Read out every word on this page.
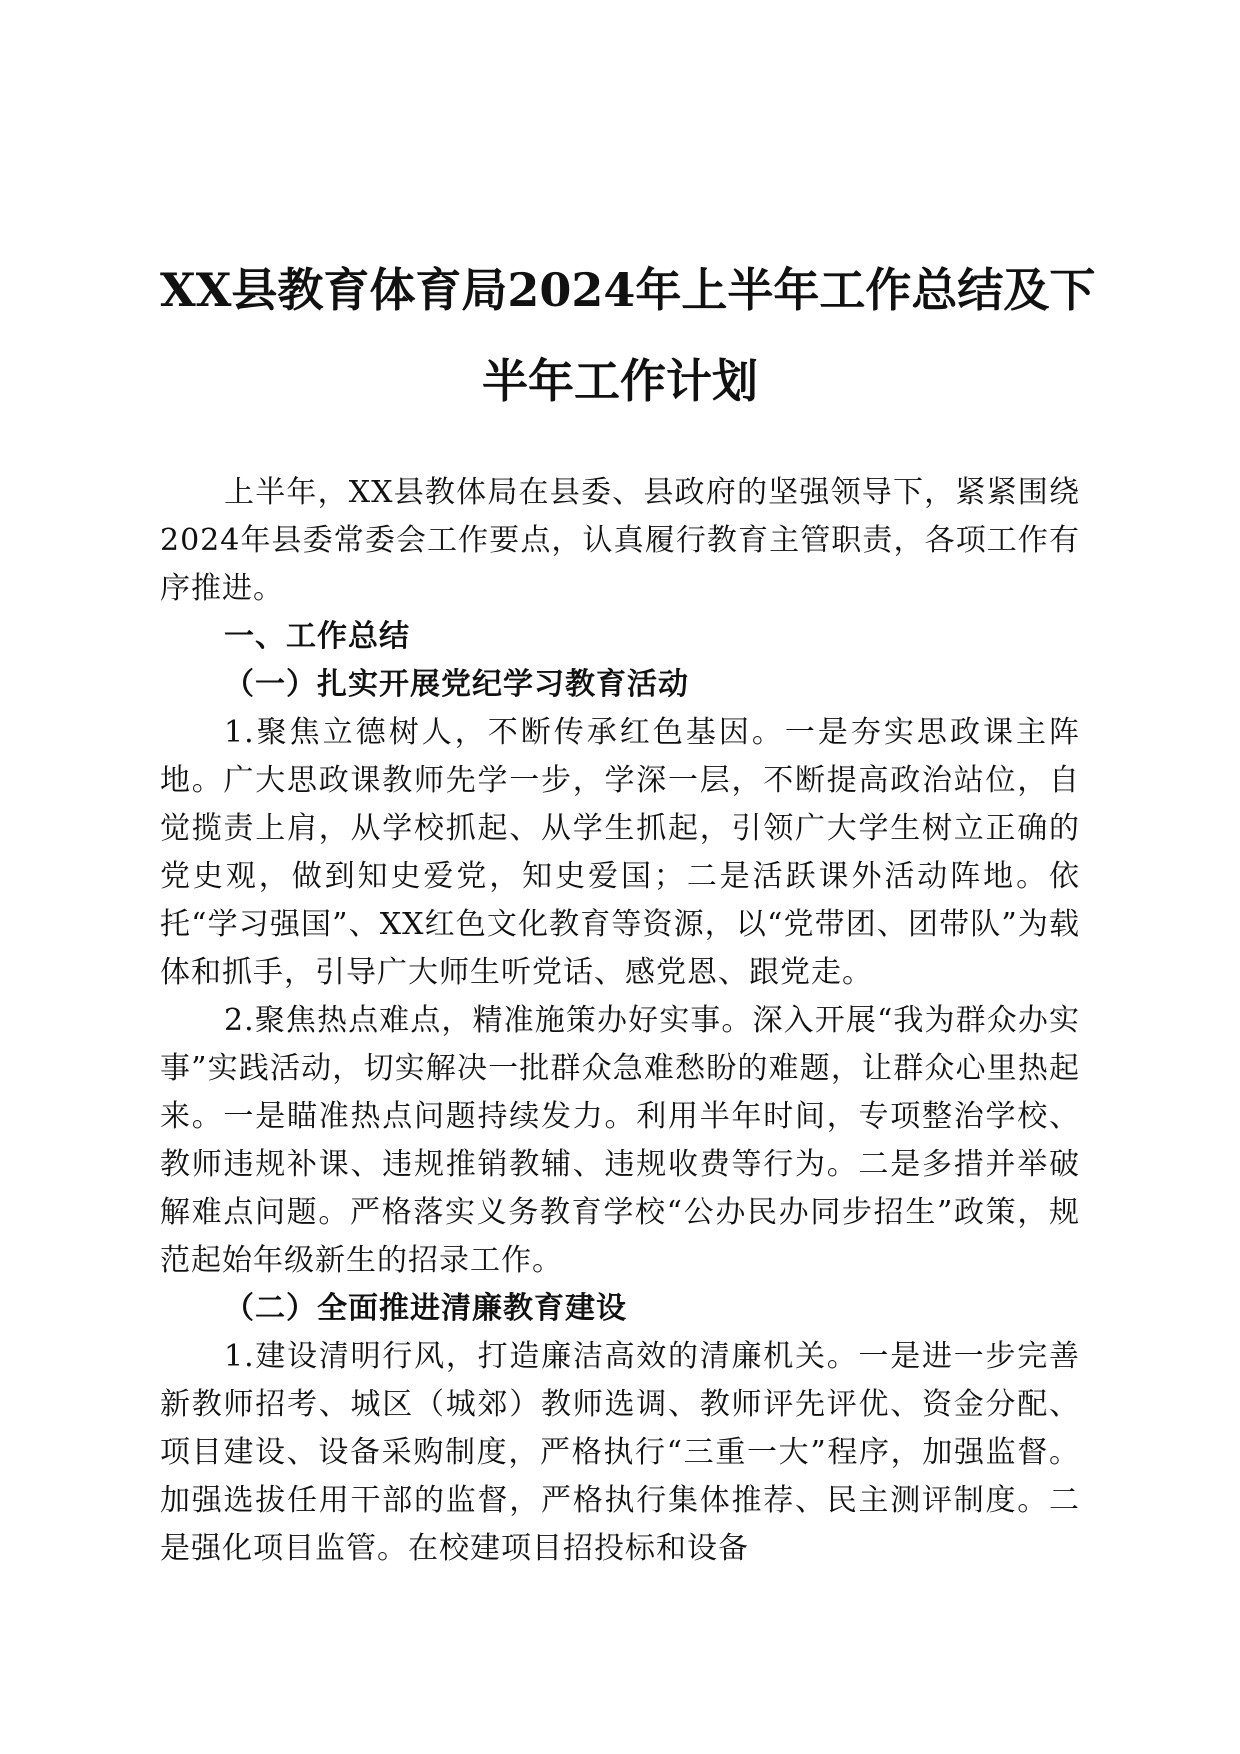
XX县教育体育局2024年上半年工作总结及下
半年工作计划

上半年，XX县教体局在县委、县政府的坚强领导下，紧紧围绕2024年县委常委会工作要点，认真履行教育主管职责，各项工作有序推进。

一、工作总结

（一）扎实开展党纪学习教育活动

1.聚焦立德树人，不断传承红色基因。一是夯实思政课主阵地。广大思政课教师先学一步，学深一层，不断提高政治站位，自觉揽责上肩，从学校抓起、从学生抓起，引领广大学生树立正确的党史观，做到知史爱党，知史爱国；二是活跃课外活动阵地。依托“学习强国”、XX红色文化教育等资源，以“党带团、团带队”为载体和抓手，引导广大师生听党话、感党恩、跟党走。

2.聚焦热点难点，精准施策办好实事。深入开展“我为群众办实事”实践活动，切实解决一批群众急难愁盼的难题，让群众心里热起来。一是瞄准热点问题持续发力。利用半年时间，专项整治学校、教师违规补课、违规推销教辅、违规收费等行为。二是多措并举破解难点问题。严格落实义务教育学校“公办民办同步招生”政策，规范起始年级新生的招录工作。

（二）全面推进清廉教育建设

1.建设清明行风，打造廉洁高效的清廉机关。一是进一步完善新教师招考、城区（城郊）教师选调、教师评先评优、资金分配、项目建设、设备采购制度，严格执行“三重一大”程序，加强监督。加强选拔任用干部的监督，严格执行集体推荐、民主测评制度。二是强化项目监管。在校建项目招投标和设备
